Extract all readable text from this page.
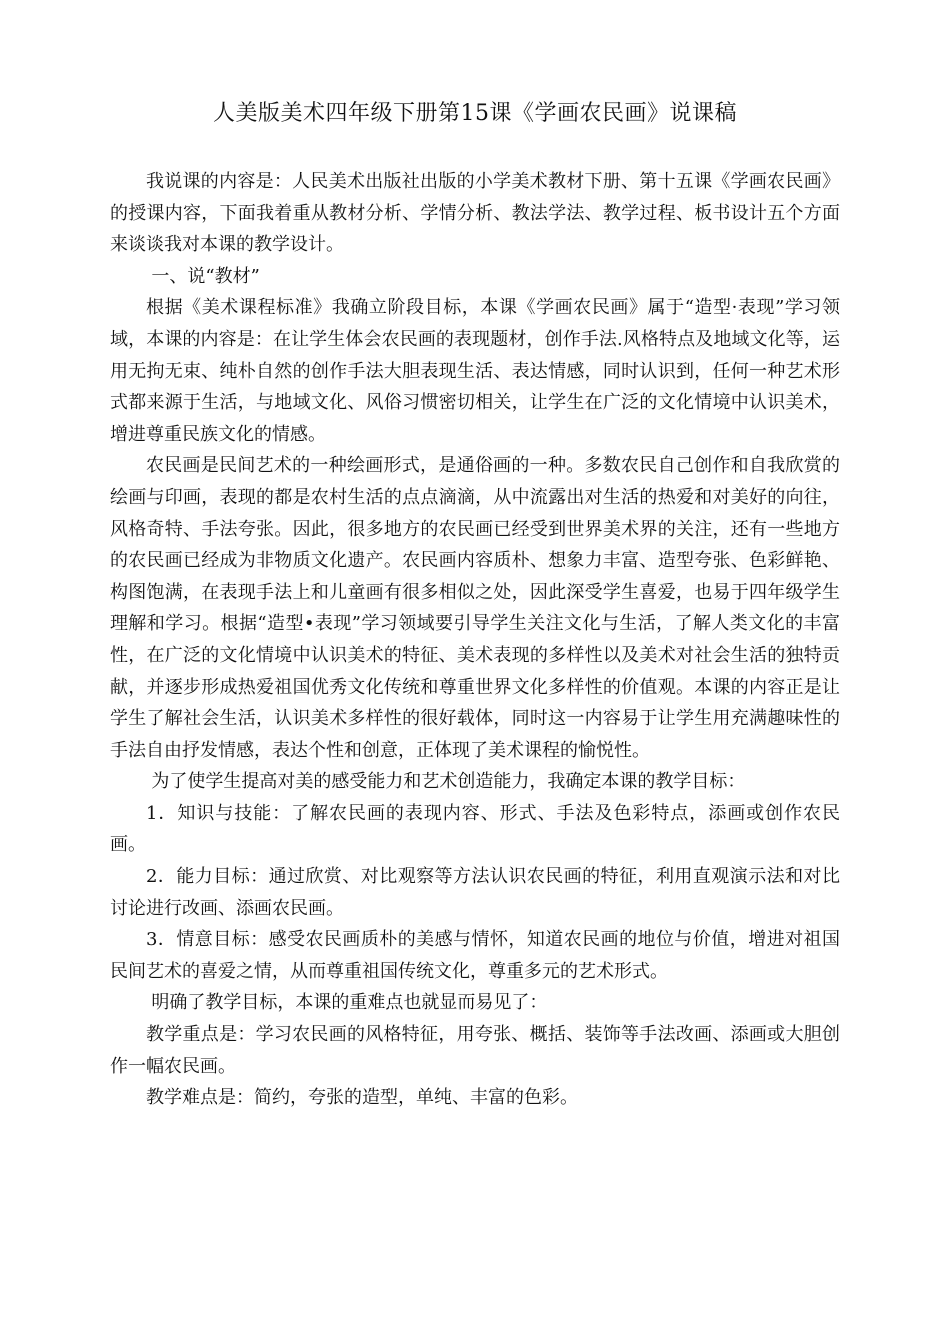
人美版美术四年级下册第15课《学画农民画》说课稿

我说课的内容是：人民美术出版社出版的小学美术教材下册、第十五课《学画农民画》的授课内容，下面我着重从教材分析、学情分析、教法学法、教学过程、板书设计五个方面来谈谈我对本课的教学设计。

一、说“教材”

根据《美术课程标准》我确立阶段目标，本课《学画农民画》属于“造型·表现”学习领域，本课的内容是：在让学生体会农民画的表现题材，创作手法.风格特点及地域文化等，运用无拘无束、纯朴自然的创作手法大胆表现生活、表达情感，同时认识到，任何一种艺术形式都来源于生活，与地域文化、风俗习惯密切相关，让学生在广泛的文化情境中认识美术，增进尊重民族文化的情感。

农民画是民间艺术的一种绘画形式，是通俗画的一种。多数农民自己创作和自我欣赏的绘画与印画，表现的都是农村生活的点点滴滴，从中流露出对生活的热爱和对美好的向往，风格奇特、手法夸张。因此，很多地方的农民画已经受到世界美术界的关注，还有一些地方的农民画已经成为非物质文化遗产。农民画内容质朴、想象力丰富、造型夸张、色彩鲜艳、构图饱满，在表现手法上和儿童画有很多相似之处，因此深受学生喜爱，也易于四年级学生理解和学习。根据“造型•表现”学习领域要引导学生关注文化与生活，了解人类文化的丰富性，在广泛的文化情境中认识美术的特征、美术表现的多样性以及美术对社会生活的独特贡献，并逐步形成热爱祖国优秀文化传统和尊重世界文化多样性的价值观。本课的内容正是让学生了解社会生活，认识美术多样性的很好载体，同时这一内容易于让学生用充满趣味性的手法自由抒发情感，表达个性和创意，正体现了美术课程的愉悦性。

为了使学生提高对美的感受能力和艺术创造能力，我确定本课的教学目标：

1．知识与技能：了解农民画的表现内容、形式、手法及色彩特点，添画或创作农民画。

2．能力目标：通过欣赏、对比观察等方法认识农民画的特征，利用直观演示法和对比讨论进行改画、添画农民画。

3．情意目标：感受农民画质朴的美感与情怀，知道农民画的地位与价值，增进对祖国民间艺术的喜爱之情，从而尊重祖国传统文化，尊重多元的艺术形式。

明确了教学目标，本课的重难点也就显而易见了：

教学重点是：学习农民画的风格特征，用夸张、概括、装饰等手法改画、添画或大胆创作一幅农民画。

教学难点是：简约，夸张的造型，单纯、丰富的色彩。
